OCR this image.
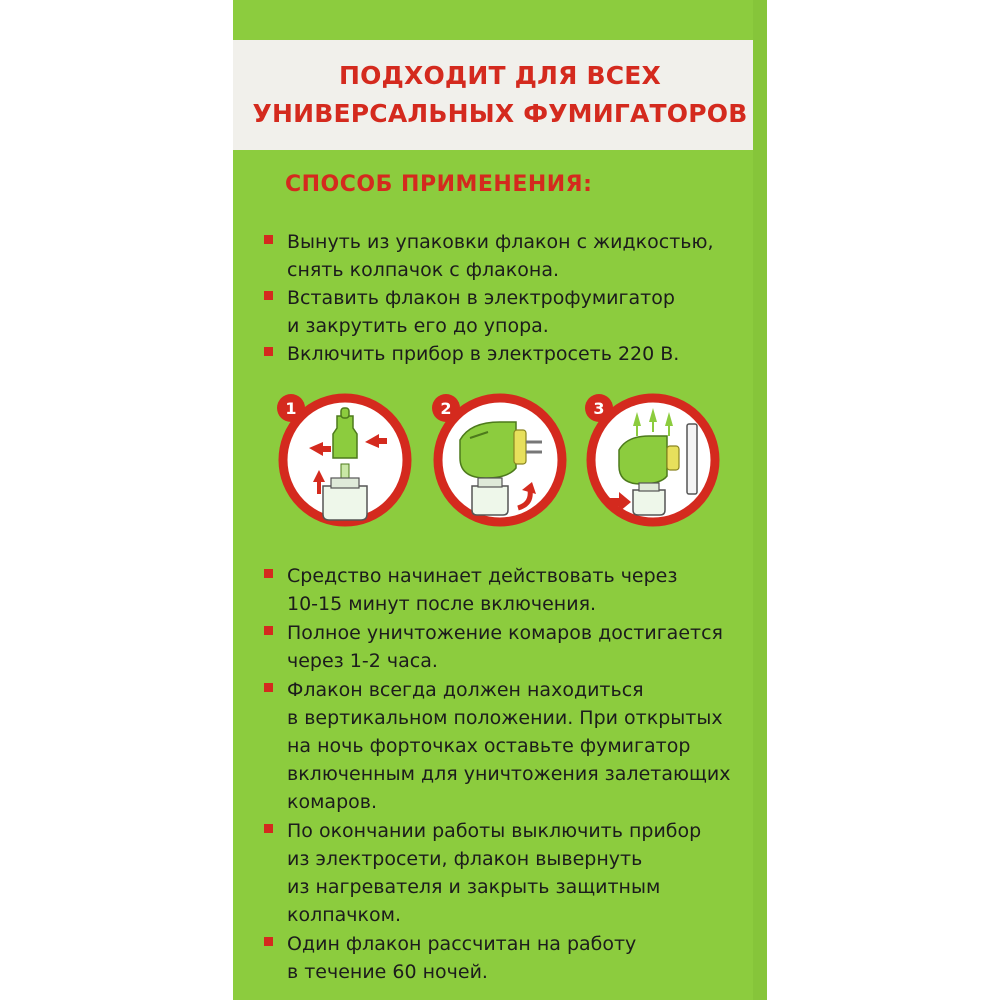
ПОДХОДИТ ДЛЯ ВСЕХ
УНИВЕРСАЛЬНЫХ ФУМИГАТОРОВ
СПОСОБ ПРИМЕНЕНИЯ:
Вынуть из упаковки флакон с жидкостью,
снять колпачок с флакона.
Вставить флакон в электрофумигатор
и закрутить его до упора.
Включить прибор в электросеть 220 В.
1	2	3
Средство начинает действовать через
10-15 минут после включения.
Полное уничтожение комаров достигается
через 1-2 часа.
Флакон всегда должен находиться
в вертикальном положении. При открытых
на ночь форточках оставьте фумигатор
включенным для уничтожения залетающих
комаров.
По окончании работы выключить прибор
из электросети, флакон вывернуть
из нагревателя и закрыть защитным
колпачком.
Один флакон рассчитан на работу
в течение 60 ночей.
